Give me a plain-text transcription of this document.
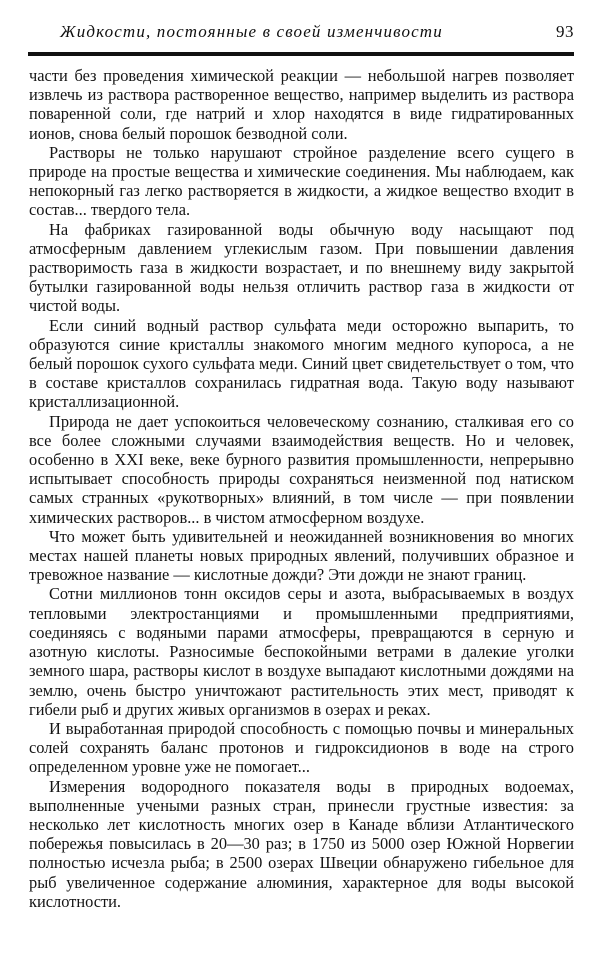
Жидкости, постоянные в своей изменчивости	93

части без проведения химической реакции — небольшой нагрев позволяет извлечь из раствора растворенное вещество, например выделить из раствора поваренной соли, где натрий и хлор находятся в виде гидратированных ионов, снова белый порошок безводной соли.

Растворы не только нарушают стройное разделение всего сущего в природе на простые вещества и химические соединения. Мы наблюдаем, как непокорный газ легко растворяется в жидкости, а жидкое вещество входит в состав... твердого тела.

На фабриках газированной воды обычную воду насыщают под атмосферным давлением углекислым газом. При повышении давления растворимость газа в жидкости возрастает, и по внешнему виду закрытой бутылки газированной воды нельзя отличить раствор газа в жидкости от чистой воды.

Если синий водный раствор сульфата меди осторожно выпарить, то образуются синие кристаллы знакомого многим медного купороса, а не белый порошок сухого сульфата меди. Синий цвет свидетельствует о том, что в составе кристаллов сохранилась гидратная вода. Такую воду называют кристаллизационной.

Природа не дает успокоиться человеческому сознанию, сталкивая его со все более сложными случаями взаимодействия веществ. Но и человек, особенно в XXI веке, веке бурного развития промышленности, непрерывно испытывает способность природы сохраняться неизменной под натиском самых странных «рукотворных» влияний, в том числе — при появлении химических растворов... в чистом атмосферном воздухе.

Что может быть удивительней и неожиданней возникновения во многих местах нашей планеты новых природных явлений, получивших образное и тревожное название — кислотные дожди? Эти дожди не знают границ.

Сотни миллионов тонн оксидов серы и азота, выбрасываемых в воздух тепловыми электростанциями и промышленными предприятиями, соединяясь с водяными парами атмосферы, превращаются в серную и азотную кислоты. Разносимые беспокойными ветрами в далекие уголки земного шара, растворы кислот в воздухе выпадают кислотными дождями на землю, очень быстро уничтожают растительность этих мест, приводят к гибели рыб и других живых организмов в озерах и реках.

И выработанная природой способность с помощью почвы и минеральных солей сохранять баланс протонов и гидроксидионов в воде на строго определенном уровне уже не помогает...

Измерения водородного показателя воды в природных водоемах, выполненные учеными разных стран, принесли грустные известия: за несколько лет кислотность многих озер в Канаде вблизи Атлантического побережья повысилась в 20—30 раз; в 1750 из 5000 озер Южной Норвегии полностью исчезла рыба; в 2500 озерах Швеции обнаружено гибельное для рыб увеличенное содержание алюминия, характерное для воды высокой кислотности.
